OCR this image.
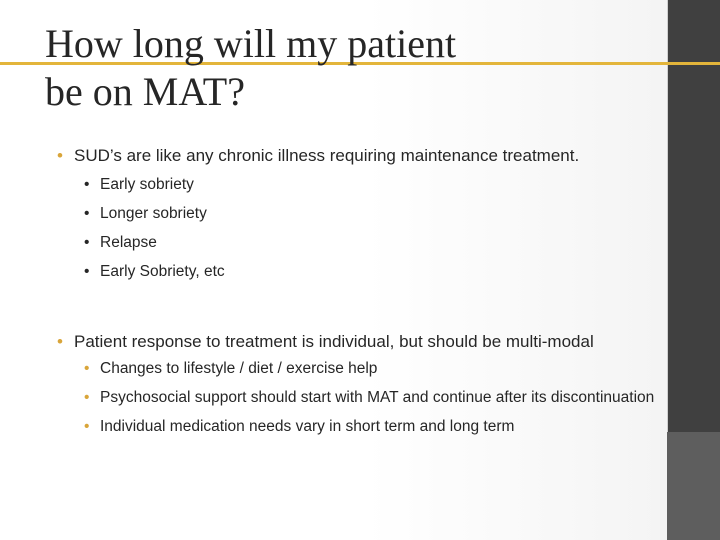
How long will my patient
be on MAT?
• SUD’s are like any chronic illness requiring maintenance treatment.
• Early sobriety
• Longer sobriety
• Relapse
• Early Sobriety, etc
• Patient response to treatment is individual, but should be multi-modal
• Changes to lifestyle / diet / exercise help
• Psychosocial support should start with MAT and continue after its discontinuation
• Individual medication needs vary in short term and long term
